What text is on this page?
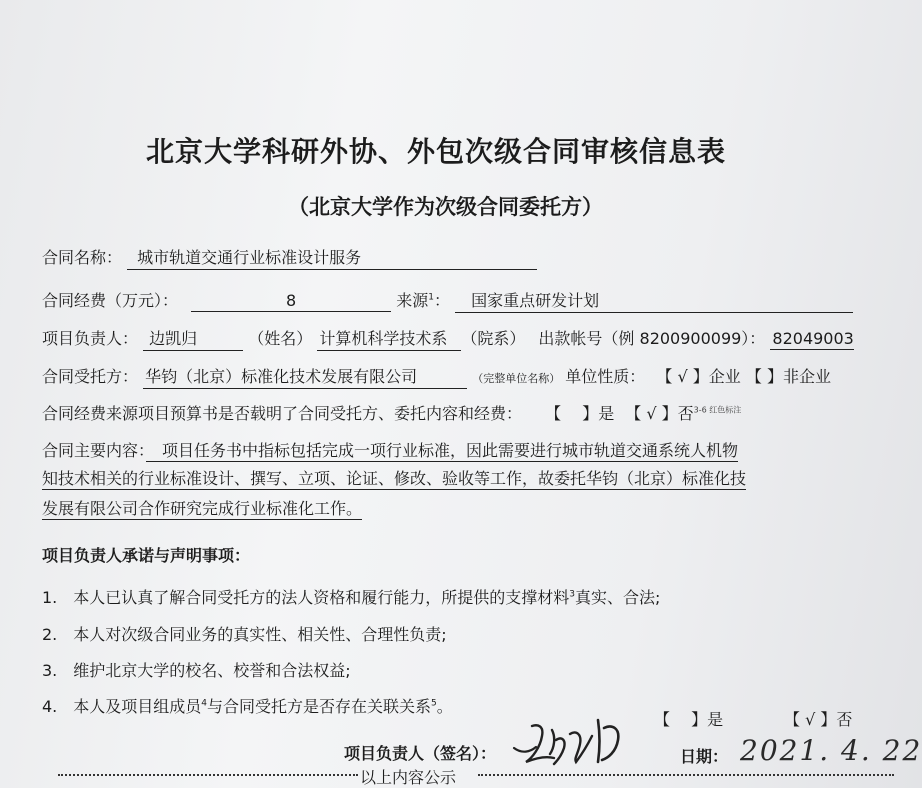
北京大学科研外协、外包次级合同审核信息表
（北京大学作为次级合同委托方）
合同名称： 城市轨道交通行业标准设计服务
合同经费（万元）：	8	来源$^1$： 国家重点研发计划
项目负责人： 边凯归	（姓名） 计算机科学技术系 （院系） 出款帐号（例 8200900099）： 82049003
合同受托方： 华钧（北京）标准化技术发展有限公司	（完整单位名称） 单位性质： 【 √ 】企业 【 】非企业
合同经费来源项目预算书是否载明了合同受托方、委托内容和经费： 【　 】是 【 √ 】否$^{3-6 红色标注}$
合同主要内容：　项目任务书中指标包括完成一项行业标准，因此需要进行城市轨道交通系统人机物
知技术相关的行业标准设计、撰写、立项、论证、修改、验收等工作，故委托华钧（北京）标准化技
发展有限公司合作研究完成行业标准化工作。
项目负责人承诺与声明事项：
1.　本人已认真了解合同受托方的法人资格和履行能力，所提供的支撑材料$^3$真实、合法;
2.　本人对次级合同业务的真实性、相关性、合理性负责;
3.　维护北京大学的校名、校誉和合法权益;
4.　本人及项目组成员$^4$与合同受托方是否存在关联关系$^5$。
【　 】是	【 √ 】否
项目负责人（签名）：	日期： 2021. 4. 22
以上内容公示
